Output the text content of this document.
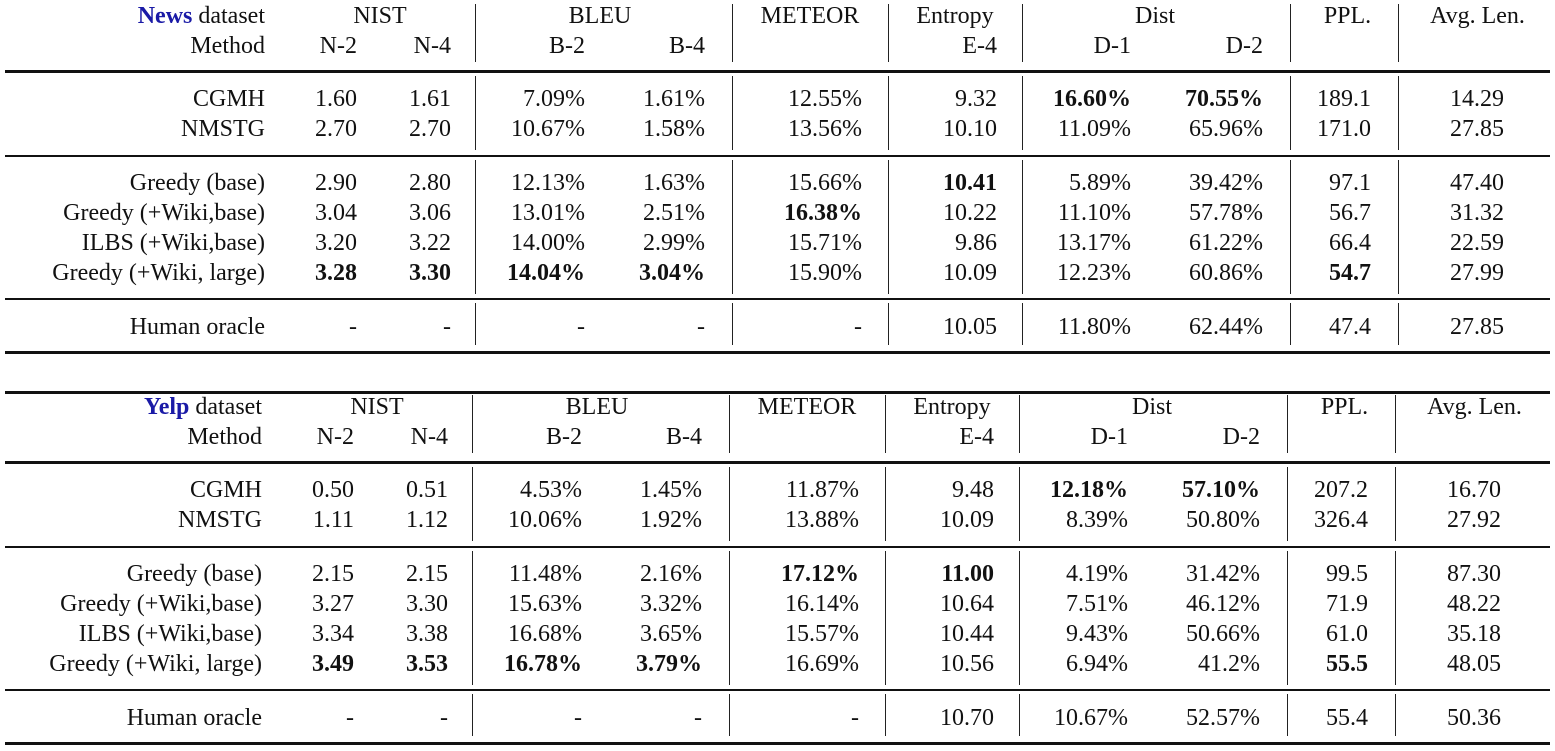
News dataset	NIST	BLEU	METEOR	Entropy	Dist	PPL.	Avg. Len.
Method N-2 N-4	B-2	B-4	E-4	D-1	D-2
CGMH 1.60 1.61	7.09% 1.61%	12.55%	9.32 16.60% 70.55% 189.1	14.29
NMSTG 2.70 2.70	10.67% 1.58%	13.56%	10.10	11.09% 65.96% 171.0	27.85
Greedy (base) 2.90 2.80	12.13% 1.63%	15.66%	10.41	5.89% 39.42%	97.1	47.40
Greedy (+Wiki,base) 3.04 3.06	13.01% 2.51%	16.38%	10.22	11.10% 57.78%	56.7	31.32
ILBS (+Wiki,base) 3.20 3.22	14.00% 2.99%	15.71%	9.86	13.17% 61.22%	66.4	22.59
Greedy (+Wiki, large) 3.28 3.30 14.04% 3.04%	15.90%	10.09	12.23% 60.86%	54.7	27.99
Human oracle	-	-	-	-	-	10.05	11.80% 62.44%	47.4	27.85
Yelp dataset	NIST	BLEU	METEOR	Entropy	Dist	PPL.	Avg. Len.
Method N-2 N-4	B-2	B-4	E-4	D-1	D-2
CGMH 0.50 0.51	4.53% 1.45%	11.87%	9.48 12.18% 57.10% 207.2	16.70
NMSTG 1.11 1.12	10.06% 1.92%	13.88%	10.09	8.39% 50.80% 326.4	27.92
Greedy (base) 2.15 2.15	11.48% 2.16%	17.12%	11.00	4.19% 31.42%	99.5	87.30
Greedy (+Wiki,base) 3.27 3.30	15.63% 3.32%	16.14%	10.64	7.51% 46.12%	71.9	48.22
ILBS (+Wiki,base) 3.34 3.38	16.68% 3.65%	15.57%	10.44	9.43% 50.66%	61.0	35.18
Greedy (+Wiki, large) 3.49 3.53 16.78% 3.79%	16.69%	10.56	6.94%	41.2%	55.5	48.05
Human oracle	-	-	-	-	-	10.70	10.67% 52.57%	55.4	50.36
